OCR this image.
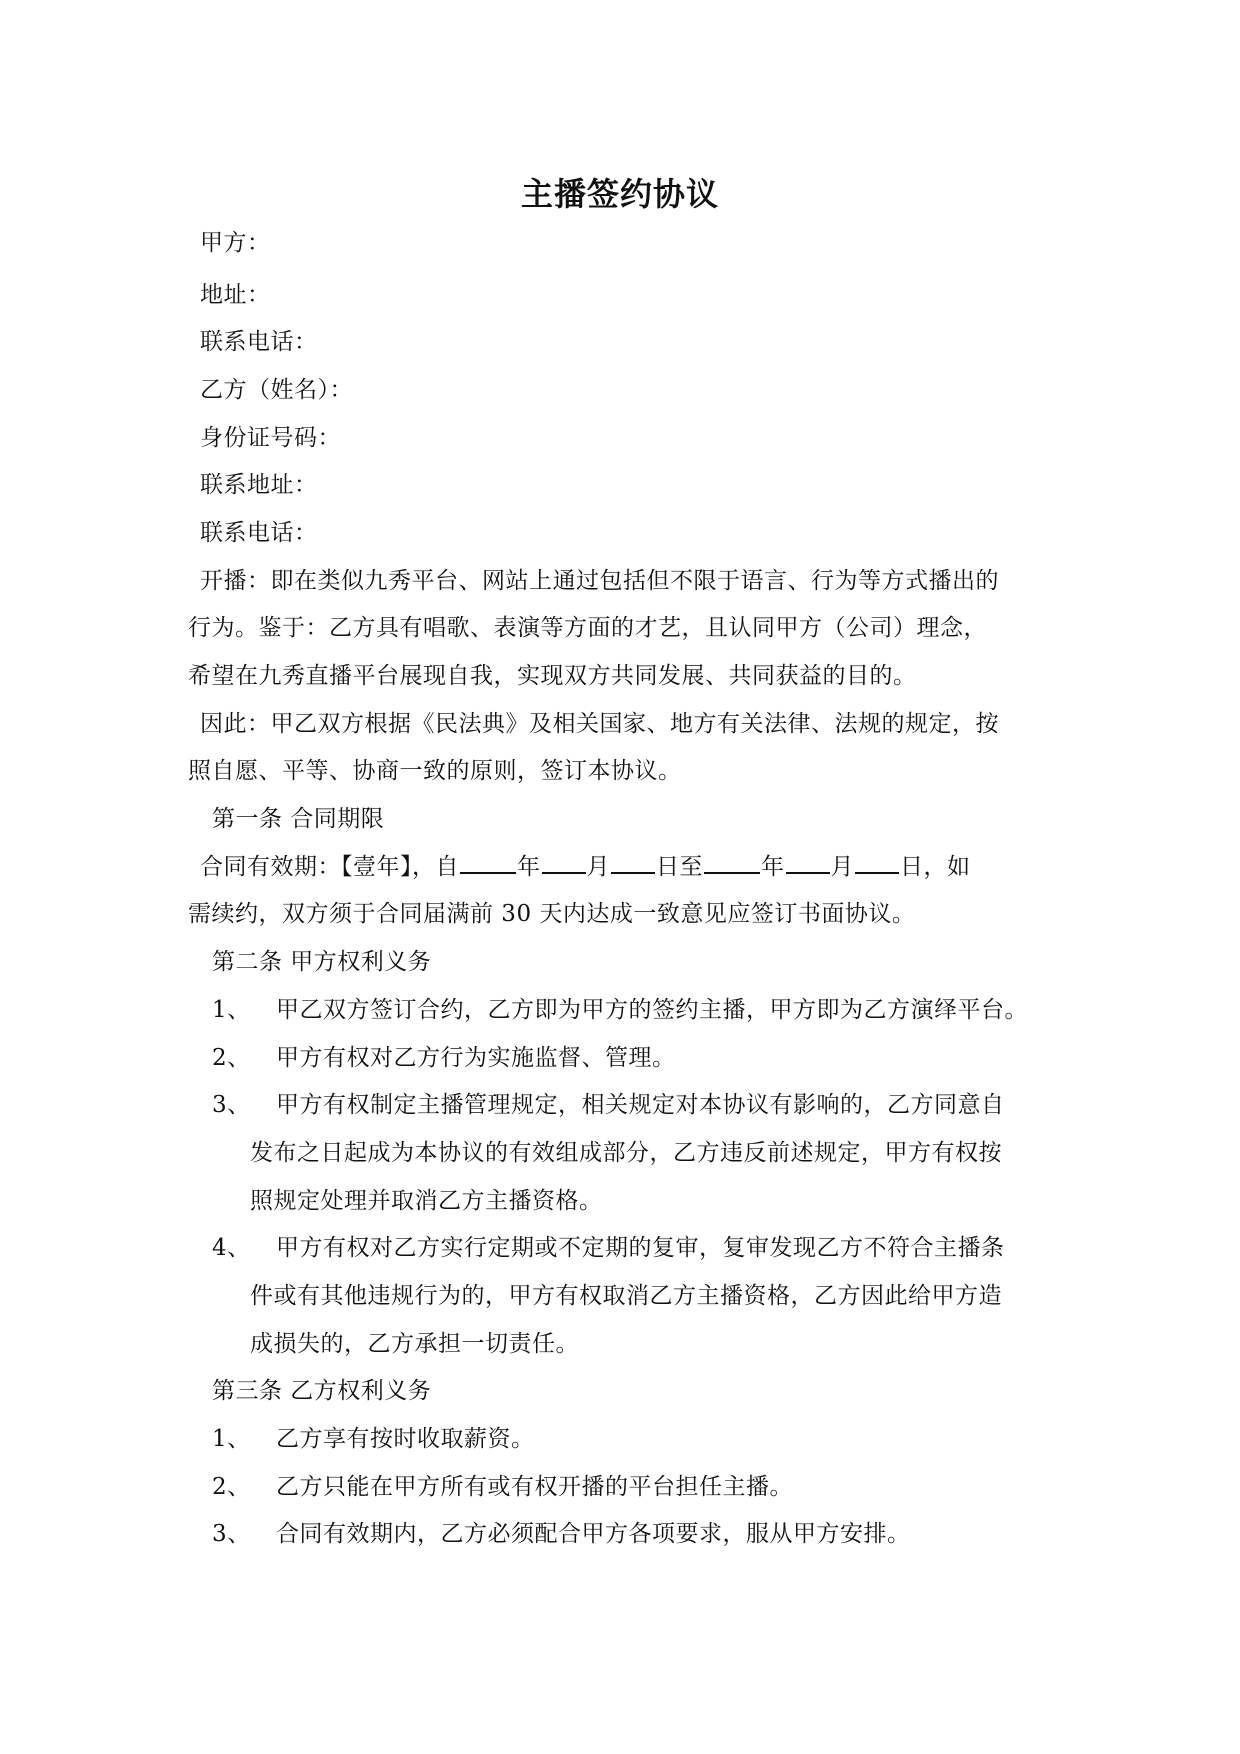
主播签约协议
甲方：
地址：
联系电话：
乙方（姓名）：
身份证号码：
联系地址：
联系电话：
开播：即在类似九秀平台、网站上通过包括但不限于语言、行为等方式播出的
行为。鉴于：乙方具有唱歌、表演等方面的才艺，且认同甲方（公司）理念，
希望在九秀直播平台展现自我，实现双方共同发展、共同获益的目的。
因此：甲乙双方根据《民法典》及相关国家、地方有关法律、法规的规定，按
照自愿、平等、协商一致的原则，签订本协议。
第一条 合同期限
合同有效期：【壹年】，自	年 月 日至	年 月 日，如
需续约，双方须于合同届满前 30 天内达成一致意见应签订书面协议。
第二条 甲方权利义务
1、 甲乙双方签订合约，乙方即为甲方的签约主播，甲方即为乙方演绎平台。
2、 甲方有权对乙方行为实施监督、管理。
3、 甲方有权制定主播管理规定，相关规定对本协议有影响的，乙方同意自
发布之日起成为本协议的有效组成部分，乙方违反前述规定，甲方有权按
照规定处理并取消乙方主播资格。
4、 甲方有权对乙方实行定期或不定期的复审，复审发现乙方不符合主播条
件或有其他违规行为的，甲方有权取消乙方主播资格，乙方因此给甲方造
成损失的，乙方承担一切责任。
第三条 乙方权利义务
1、 乙方享有按时收取薪资。
2、 乙方只能在甲方所有或有权开播的平台担任主播。
3、 合同有效期内，乙方必须配合甲方各项要求，服从甲方安排。
